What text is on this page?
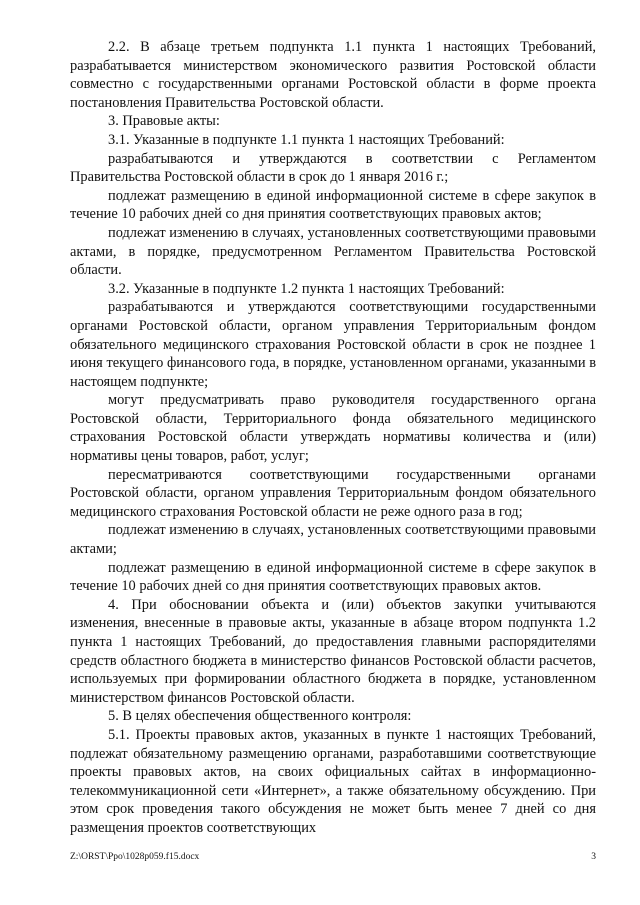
2.2. В абзаце третьем подпункта 1.1 пункта 1 настоящих Требований, разрабатывается министерством экономического развития Ростовской области совместно с государственными органами Ростовской области в форме проекта постановления Правительства Ростовской области.

3. Правовые акты:

3.1. Указанные в подпункте 1.1 пункта 1 настоящих Требований:

разрабатываются и утверждаются в соответствии с Регламентом Правительства Ростовской области в срок до 1 января 2016 г.;

подлежат размещению в единой информационной системе в сфере закупок в течение 10 рабочих дней со дня принятия соответствующих правовых актов;

подлежат изменению в случаях, установленных соответствующими правовыми актами, в порядке, предусмотренном Регламентом Правительства Ростовской области.

3.2. Указанные в подпункте 1.2 пункта 1 настоящих Требований:

разрабатываются и утверждаются соответствующими государственными органами Ростовской области, органом управления Территориальным фондом обязательного медицинского страхования Ростовской области в срок не позднее 1 июня текущего финансового года, в порядке, установленном органами, указанными в настоящем подпункте;

могут предусматривать право руководителя государственного органа Ростовской области, Территориального фонда обязательного медицинского страхования Ростовской области утверждать нормативы количества и (или) нормативы цены товаров, работ, услуг;

пересматриваются соответствующими государственными органами Ростовской области, органом управления Территориальным фондом обязательного медицинского страхования Ростовской области не реже одного раза в год;

подлежат изменению в случаях, установленных соответствующими правовыми актами;

подлежат размещению в единой информационной системе в сфере закупок в течение 10 рабочих дней со дня принятия соответствующих правовых актов.

4. При обосновании объекта и (или) объектов закупки учитываются изменения, внесенные в правовые акты, указанные в абзаце втором подпункта 1.2 пункта 1 настоящих Требований, до предоставления главными распорядителями средств областного бюджета в министерство финансов Ростовской области расчетов, используемых при формировании областного бюджета в порядке, установленном министерством финансов Ростовской области.

5. В целях обеспечения общественного контроля:

5.1. Проекты правовых актов, указанных в пункте 1 настоящих Требований, подлежат обязательному размещению органами, разработавшими соответствующие проекты правовых актов, на своих официальных сайтах в информационно-телекоммуникационной сети «Интернет», а также обязательному обсуждению. При этом срок проведения такого обсуждения не может быть менее 7 дней со дня размещения проектов соответствующих

Z:\ORST\Ppo\1028p059.f15.docx	3
